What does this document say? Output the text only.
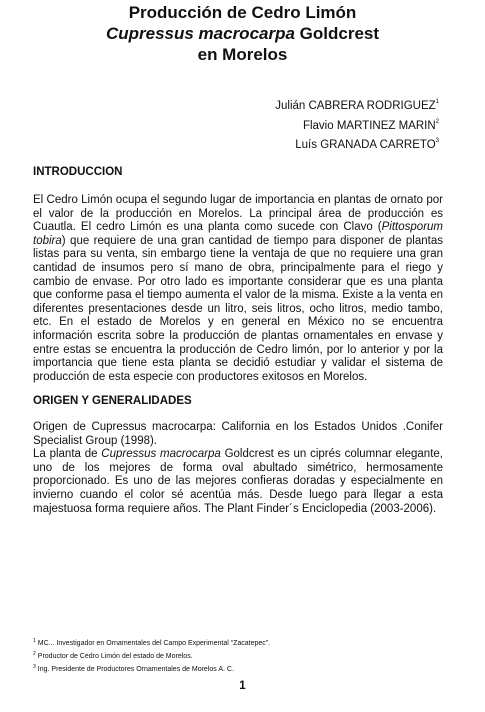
Producción de Cedro Limón
Cupressus macrocarpa Goldcrest
en Morelos
Julián CABRERA RODRIGUEZ$^1$
Flavio MARTINEZ MARIN$^2$
Luís GRANADA CARRETO$^3$
INTRODUCCION

El Cedro Limón ocupa el segundo lugar de importancia en plantas de ornato por el valor de la producción en Morelos. La principal área de producción es Cuautla. El cedro Limón es una planta como sucede con Clavo (Pittosporum tobira) que requiere de una gran cantidad de tiempo para disponer de plantas listas para su venta, sin embargo tiene la ventaja de que no requiere una gran cantidad de insumos pero sí mano de obra, principalmente para el riego y cambio de envase. Por otro lado es importante considerar que es una planta que conforme pasa el tiempo aumenta el valor de la misma. Existe a la venta en diferentes presentaciones desde un litro, seis litros, ocho litros, medio tambo, etc. En el estado de Morelos y en general en México no se encuentra información escrita sobre la producción de plantas ornamentales en envase y entre estas se encuentra la producción de Cedro limón, por lo anterior y por la importancia que tiene esta planta se decidió estudiar y validar el sistema de producción de esta especie con productores exitosos en Morelos.

ORIGEN Y GENERALIDADES

Origen de Cupressus macrocarpa: California en los Estados Unidos .Conifer Specialist Group (1998).
La planta de Cupressus macrocarpa Goldcrest es un ciprés columnar elegante, uno de los mejores de forma oval abultado simétrico, hermosamente proporcionado. Es uno de las mejores confieras doradas y especialmente en invierno cuando el color sé acentúa más. Desde luego para llegar a esta majestuosa forma requiere años. The Plant Finder´s Enciclopedia (2003-2006).

$^1$ MC... Investigador en Ornamentales del Campo Experimental “Zacatepec”.
$^2$ Productor de Cedro Limón del estado de Morelos.
$^3$ Ing. Presidente de Productores Ornamentales de Morelos A. C.
1
